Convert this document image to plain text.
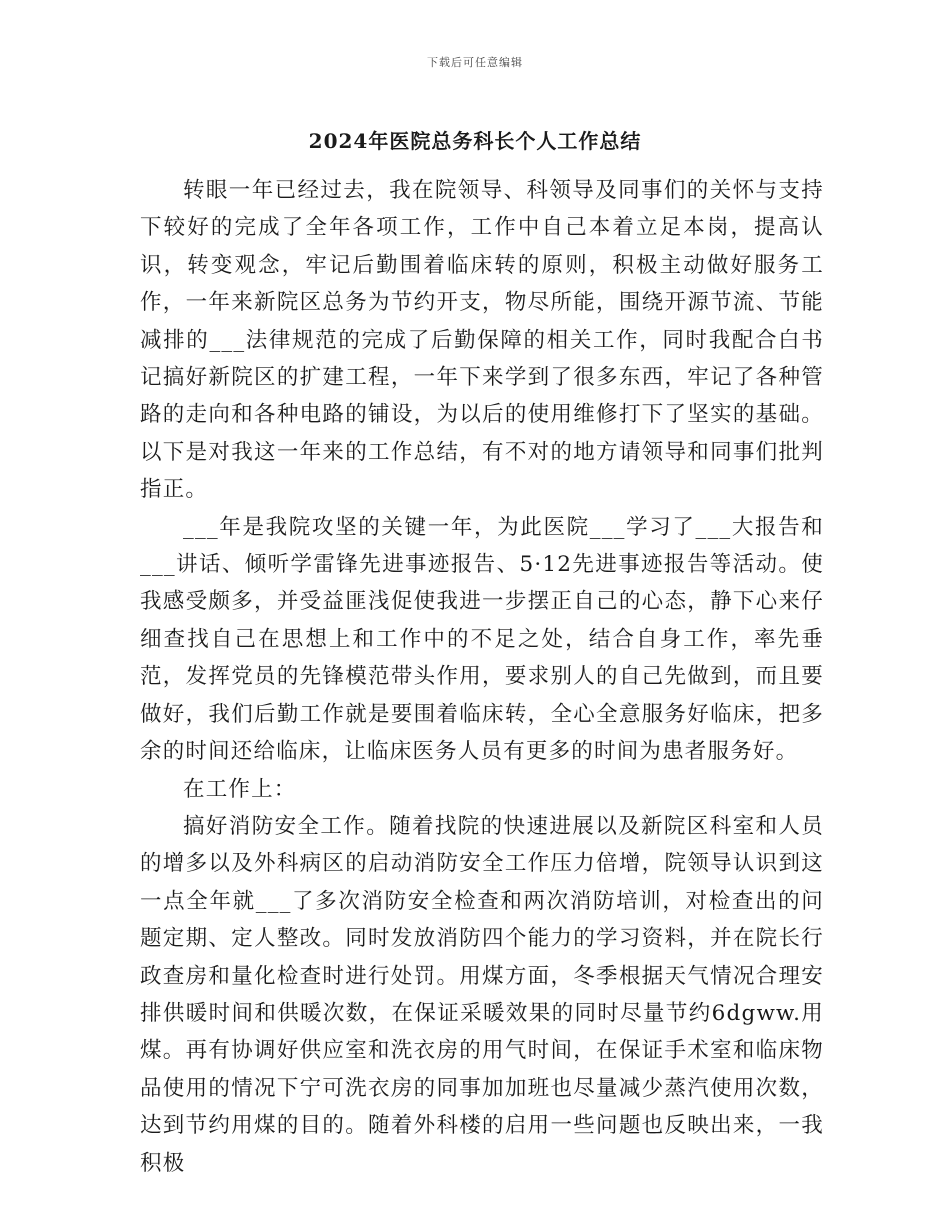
下载后可任意编辑
2024年医院总务科长个人工作总结

转眼一年已经过去，我在院领导、科领导及同事们的关怀与支持下较好的完成了全年各项工作，工作中自己本着立足本岗，提高认识，转变观念，牢记后勤围着临床转的原则，积极主动做好服务工作，一年来新院区总务为节约开支，物尽所能，围绕开源节流、节能减排的___法律规范的完成了后勤保障的相关工作，同时我配合白书记搞好新院区的扩建工程，一年下来学到了很多东西，牢记了各种管路的走向和各种电路的铺设，为以后的使用维修打下了坚实的基础。以下是对我这一年来的工作总结，有不对的地方请领导和同事们批判指正。

___年是我院攻坚的关键一年，为此医院___学习了___大报告和___讲话、倾听学雷锋先进事迹报告、5·12先进事迹报告等活动。使我感受颇多，并受益匪浅促使我进一步摆正自己的心态，静下心来仔细查找自己在思想上和工作中的不足之处，结合自身工作，率先垂范，发挥党员的先锋模范带头作用，要求别人的自己先做到，而且要做好，我们后勤工作就是要围着临床转，全心全意服务好临床，把多余的时间还给临床，让临床医务人员有更多的时间为患者服务好。

在工作上：

搞好消防安全工作。随着找院的快速进展以及新院区科室和人员的增多以及外科病区的启动消防安全工作压力倍增，院领导认识到这一点全年就___了多次消防安全检查和两次消防培训，对检查出的问题定期、定人整改。同时发放消防四个能力的学习资料，并在院长行政查房和量化检查时进行处罚。用煤方面，冬季根据天气情况合理安排供暖时间和供暖次数，在保证采暖效果的同时尽量节约6dgww.用煤。再有协调好供应室和洗衣房的用气时间，在保证手术室和临床物品使用的情况下宁可洗衣房的同事加加班也尽量减少蒸汽使用次数，达到节约用煤的目的。随着外科楼的启用一些问题也反映出来，一我积极
